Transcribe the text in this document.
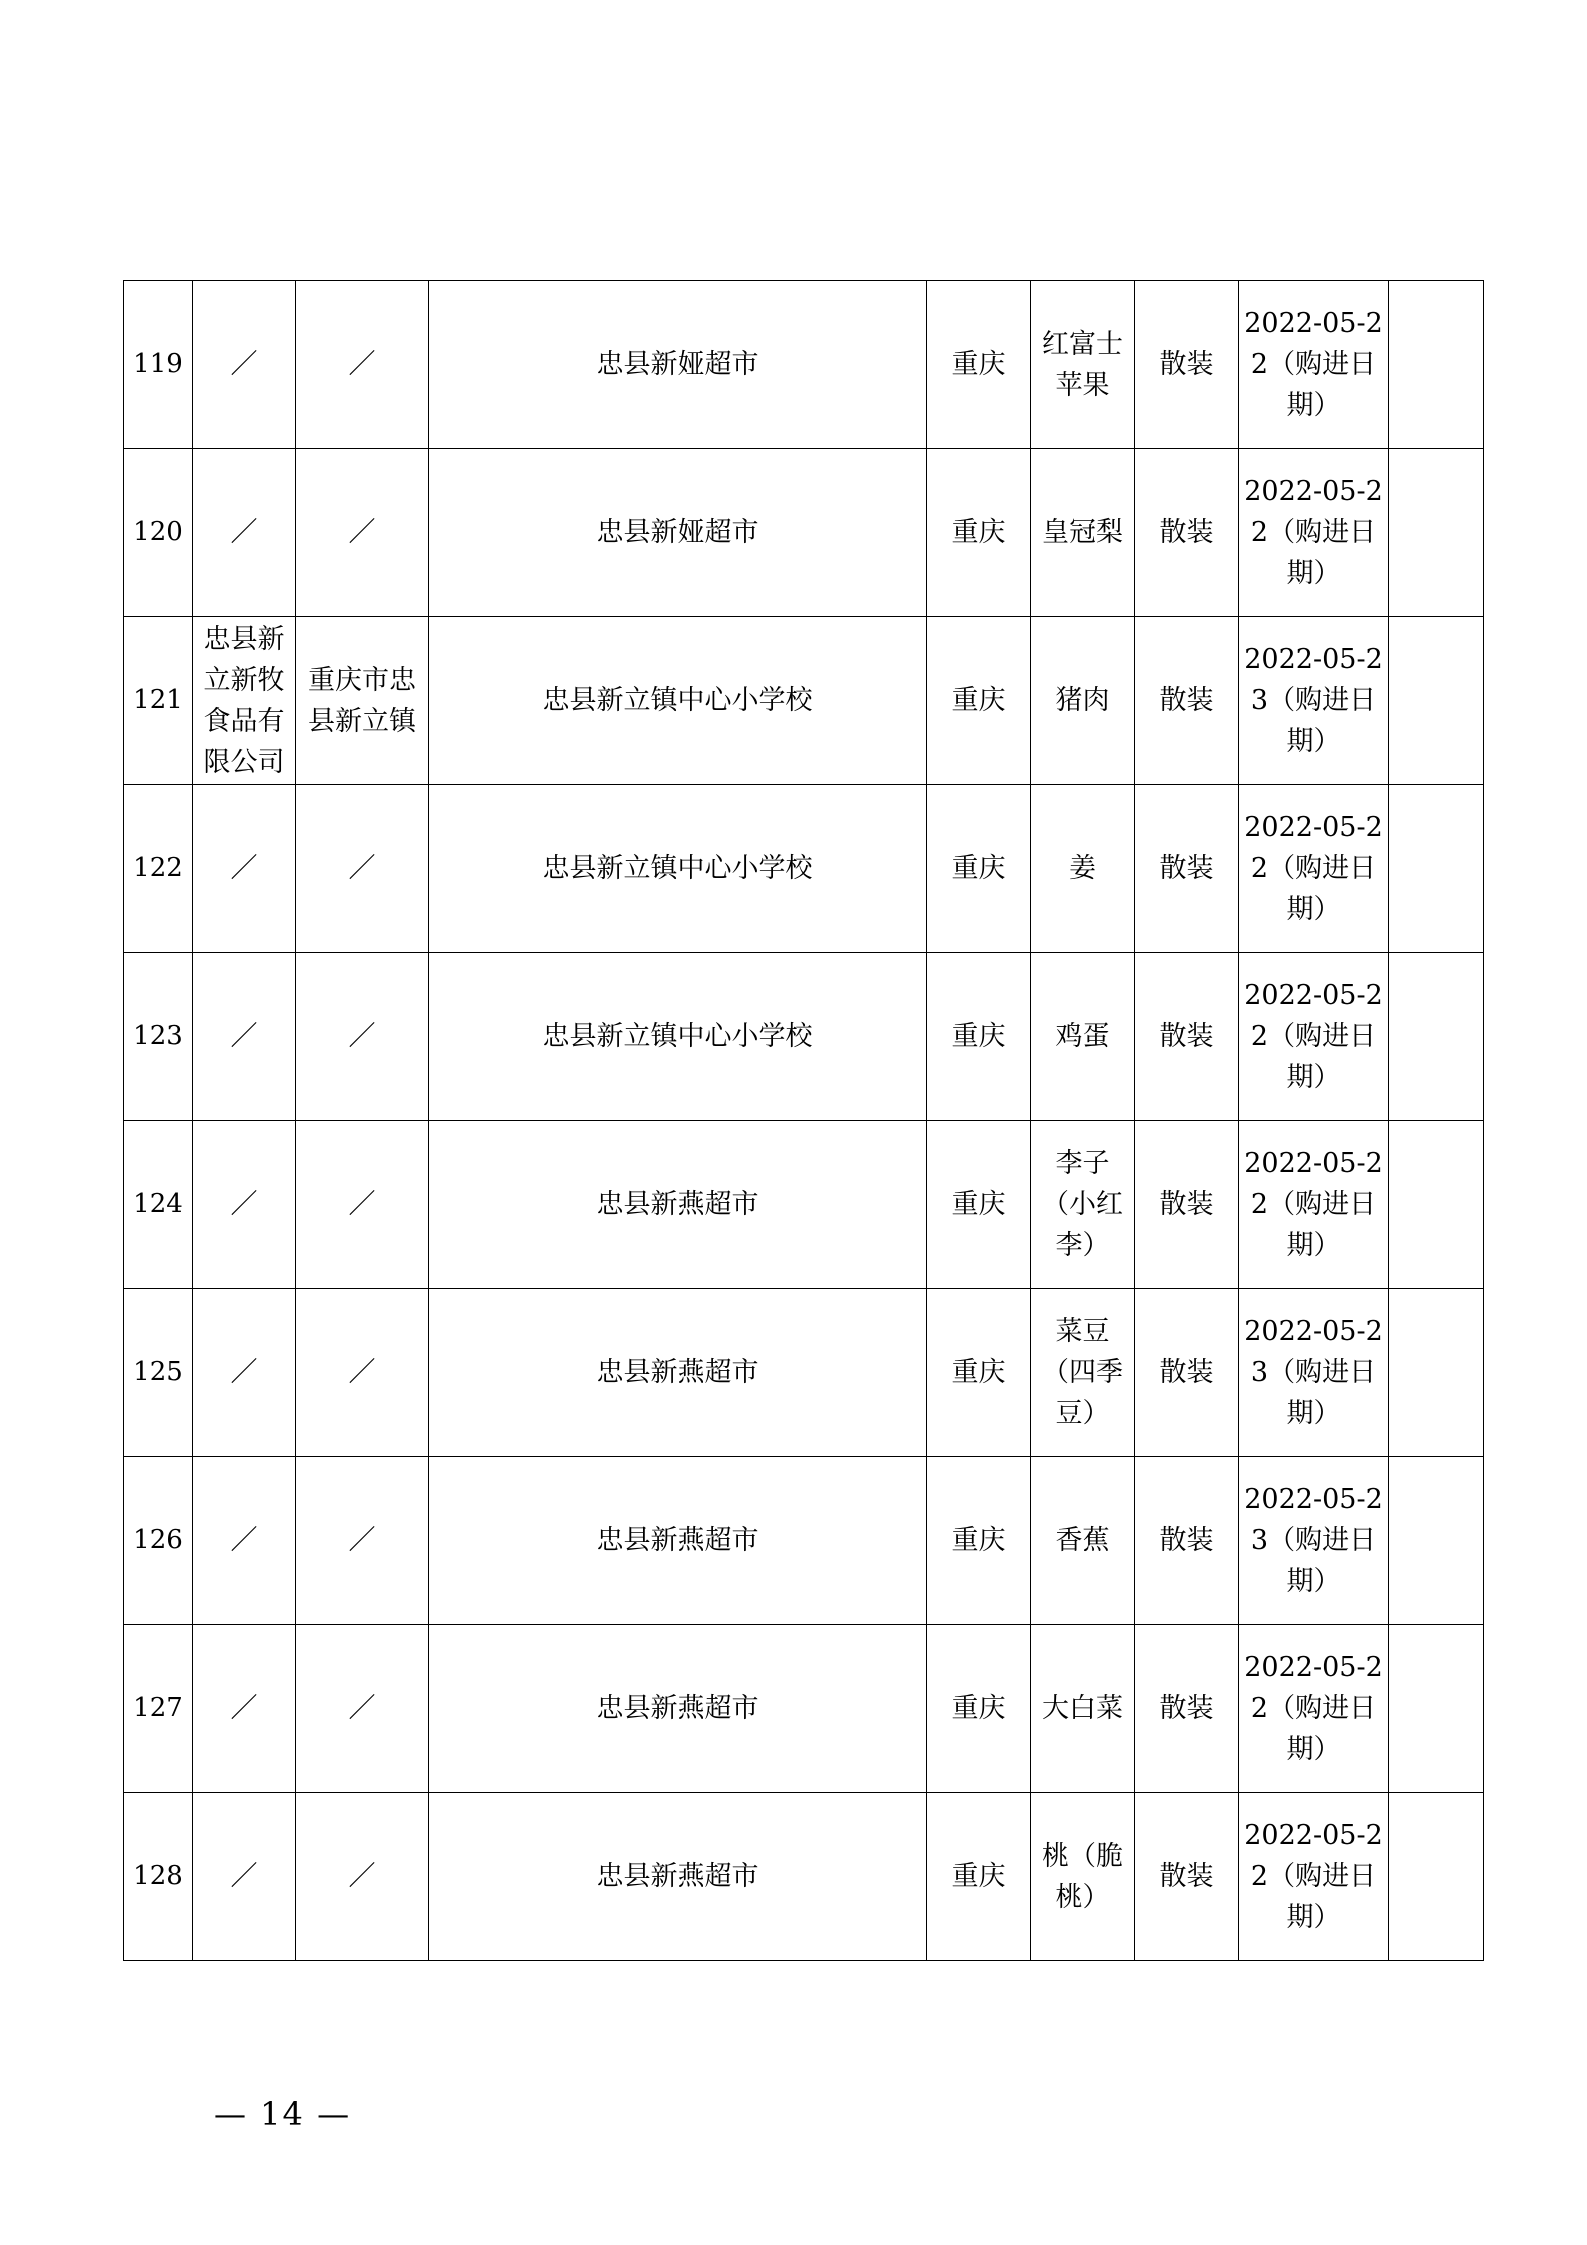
119	／	／	忠县新娅超市	重庆	红富士苹果	散装	2022-05-22（购进日期）	
120	／	／	忠县新娅超市	重庆	皇冠梨	散装	2022-05-22（购进日期）	
121	忠县新立新牧食品有限公司	重庆市忠县新立镇	忠县新立镇中心小学校	重庆	猪肉	散装	2022-05-23（购进日期）	
122	／	／	忠县新立镇中心小学校	重庆	姜	散装	2022-05-22（购进日期）	
123	／	／	忠县新立镇中心小学校	重庆	鸡蛋	散装	2022-05-22（购进日期）	
124	／	／	忠县新燕超市	重庆	李子（小红李）	散装	2022-05-22（购进日期）	
125	／	／	忠县新燕超市	重庆	菜豆（四季豆）	散装	2022-05-23（购进日期）	
126	／	／	忠县新燕超市	重庆	香蕉	散装	2022-05-23（购进日期）	
127	／	／	忠县新燕超市	重庆	大白菜	散装	2022-05-22（购进日期）	
128	／	／	忠县新燕超市	重庆	桃（脆桃）	散装	2022-05-22（购进日期）	
— 14 —
